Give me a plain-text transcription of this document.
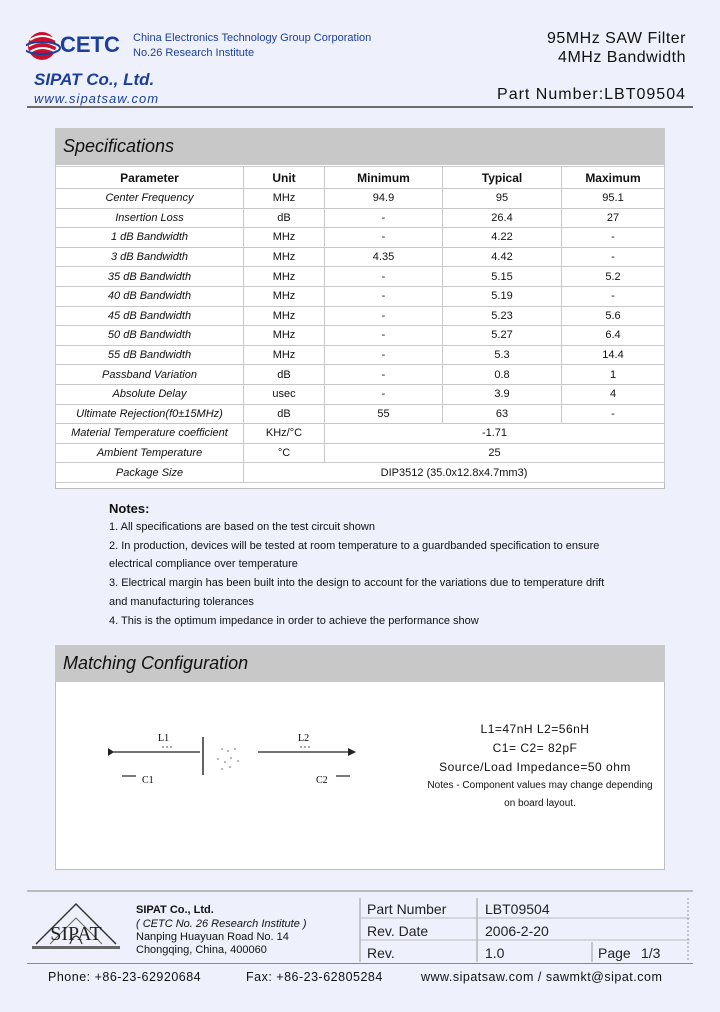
CETC China Electronics Technology Group Corporation
No.26 Research Institute
SIPAT Co., Ltd.
www.sipatsaw.com
95MHz SAW Filter
4MHz Bandwidth
Part Number:LBT09504
Specifications
Parameter	Unit	Minimum	Typical	Maximum
Center Frequency	MHz	94.9	95	95.1
Insertion Loss	dB	-	26.4	27
1 dB Bandwidth	MHz	-	4.22	-
3 dB Bandwidth	MHz	4.35	4.42	-
35 dB Bandwidth	MHz	-	5.15	5.2
40 dB Bandwidth	MHz	-	5.19	-
45 dB Bandwidth	MHz	-	5.23	5.6
50 dB Bandwidth	MHz	-	5.27	6.4
55 dB Bandwidth	MHz	-	5.3	14.4
Passband Variation	dB	-	0.8	1
Absolute Delay	usec	-	3.9	4
Ultimate Rejection(f0±15MHz)	dB	55	63	-
Material Temperature coefficient	KHz/°C	-1.71		
Ambient Temperature	°C	25		
Package Size	DIP3512 (35.0x12.8x4.7mm3)			
Notes:
1. All specifications are based on the test circuit shown
2. In production, devices will be tested at room temperature to a guardbanded specification to ensure
electrical compliance over temperature
3. Electrical margin has been built into the design to account for the variations due to temperature drift
and manufacturing tolerances
4. This is the optimum impedance in order to achieve the performance show
Matching Configuration
L1	L2
C1	C2
L1=47nH L2=56nH
C1= C2= 82pF
Source/Load Impedance=50 ohm
Notes - Component values may change depending
on board layout.
SIPAT
SIPAT Co., Ltd.
( CETC No. 26 Research Institute )
Nanping Huayuan Road No. 14
Chongqing, China, 400060
Part Number	LBT09504
Rev. Date	2006-2-20
Rev.	1.0	Page 1/3
Phone: +86-23-62920684	Fax: +86-23-62805284	www.sipatsaw.com / sawmkt@sipat.com
